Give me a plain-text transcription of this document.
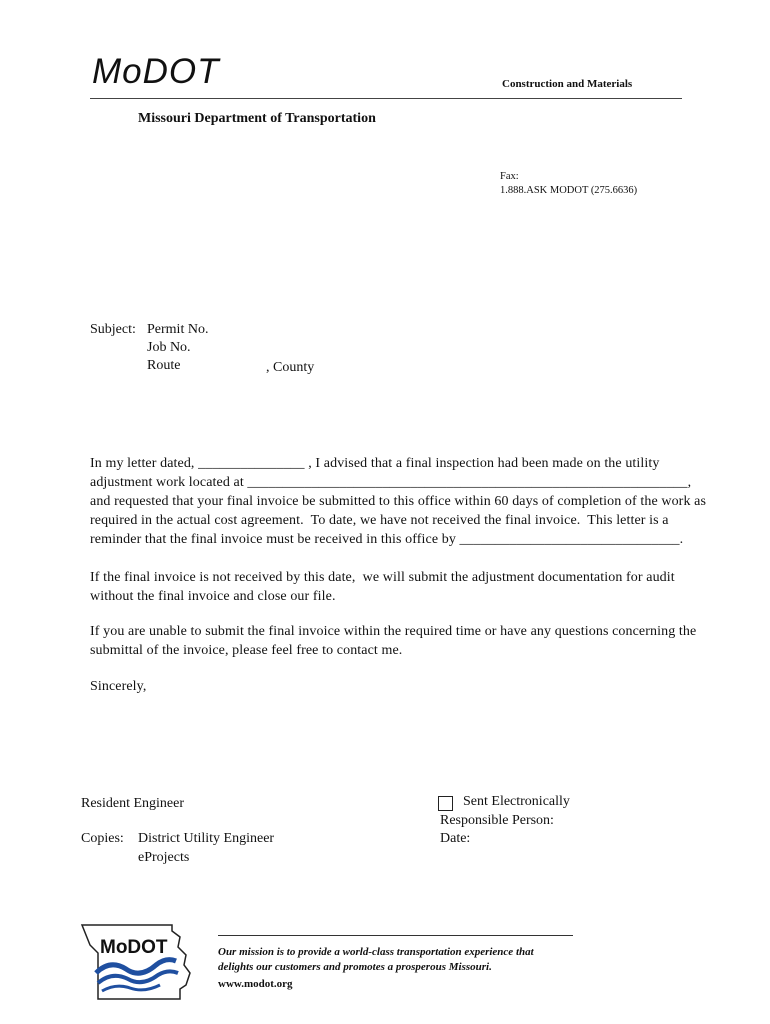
MoDOT	Construction and Materials
Missouri Department of Transportation
Fax:
1.888.ASK MODOT (275.6636)
Subject: Permit No.
Job No.
Route	, County
In my letter dated, _______________ , I advised that a final inspection had been made on the utility
adjustment work located at ______________________________________________________________,
and requested that your final invoice be submitted to this office within 60 days of completion of the work as
required in the actual cost agreement.  To date, we have not received the final invoice.  This letter is a
reminder that the final invoice must be received in this office by _______________________________.
If the final invoice is not received by this date,  we will submit the adjustment documentation for audit
without the final invoice and close our file.
If you are unable to submit the final invoice within the required time or have any questions concerning the
submittal of the invoice, please feel free to contact me.
Sincerely,
Resident Engineer
Copies: District Utility Engineer
eProjects
Sent Electronically
Responsible Person:
Date:
MoDOT	Our mission is to provide a world-class transportation experience that
delights our customers and promotes a prosperous Missouri.
www.modot.org
